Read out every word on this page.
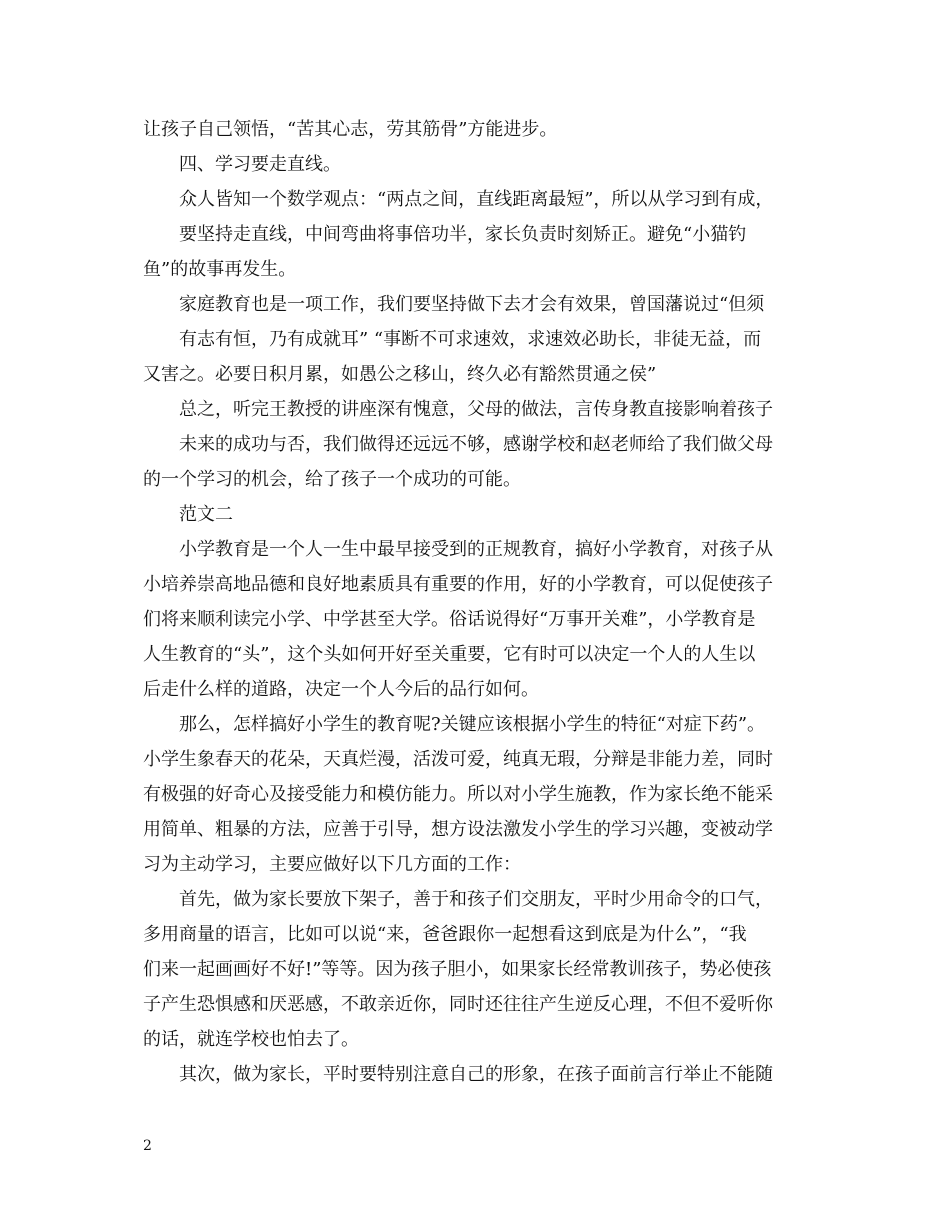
让孩子自己领悟，“苦其心志，劳其筋骨”方能进步。
四、学习要走直线。
众人皆知一个数学观点：“两点之间，直线距离最短”，所以从学习到有成，
要坚持走直线，中间弯曲将事倍功半，家长负责时刻矫正。避免“小猫钓
鱼”的故事再发生。
家庭教育也是一项工作，我们要坚持做下去才会有效果，曾国藩说过“但须
有志有恒，乃有成就耳” “事断不可求速效，求速效必助长，非徒无益，而
又害之。必要日积月累，如愚公之移山，终久必有豁然贯通之侯”
总之，听完王教授的讲座深有愧意，父母的做法，言传身教直接影响着孩子
未来的成功与否，我们做得还远远不够，感谢学校和赵老师给了我们做父母
的一个学习的机会，给了孩子一个成功的可能。
范文二
小学教育是一个人一生中最早接受到的正规教育，搞好小学教育，对孩子从
小培养崇高地品德和良好地素质具有重要的作用，好的小学教育，可以促使孩子
们将来顺利读完小学、中学甚至大学。俗话说得好“万事开关难”，小学教育是
人生教育的“头”，这个头如何开好至关重要，它有时可以决定一个人的人生以
后走什么样的道路，决定一个人今后的品行如何。
那么，怎样搞好小学生的教育呢?关键应该根据小学生的特征“对症下药”。
小学生象春天的花朵，天真烂漫，活泼可爱，纯真无瑕，分辩是非能力差，同时
有极强的好奇心及接受能力和模仿能力。所以对小学生施教，作为家长绝不能采
用简单、粗暴的方法，应善于引导，想方设法激发小学生的学习兴趣，变被动学
习为主动学习，主要应做好以下几方面的工作：
首先，做为家长要放下架子，善于和孩子们交朋友，平时少用命令的口气，
多用商量的语言，比如可以说“来，爸爸跟你一起想看这到底是为什么”，“我
们来一起画画好不好!”等等。因为孩子胆小，如果家长经常教训孩子，势必使孩
子产生恐惧感和厌恶感，不敢亲近你，同时还往往产生逆反心理，不但不爱听你
的话，就连学校也怕去了。
其次，做为家长，平时要特别注意自己的形象，在孩子面前言行举止不能随
2
